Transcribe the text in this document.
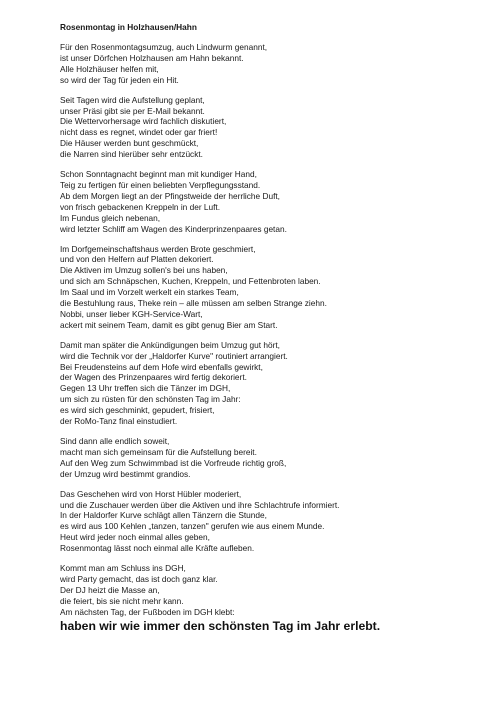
Rosenmontag in Holzhausen/Hahn
Für den Rosenmontagsumzug, auch Lindwurm genannt,
ist unser Dörfchen Holzhausen am Hahn bekannt.
Alle Holzhäuser helfen mit,
so wird der Tag für jeden ein Hit.
Seit Tagen wird die Aufstellung geplant,
unser Präsi gibt sie per E-Mail bekannt.
Die Wettervorhersage wird fachlich diskutiert,
nicht dass es regnet, windet oder gar friert!
Die Häuser werden bunt geschmückt,
die Narren sind hierüber sehr entzückt.
Schon Sonntagnacht beginnt man mit kundiger Hand,
Teig zu fertigen für einen beliebten Verpflegungsstand.
Ab dem Morgen liegt an der Pfingstweide der herrliche Duft,
von frisch gebackenen Kreppeln in der Luft.
Im Fundus gleich nebenan,
wird letzter Schliff am Wagen des Kinderprinzenpaares getan.
Im Dorfgemeinschaftshaus werden Brote geschmiert,
und von den Helfern auf Platten dekoriert.
Die Aktiven im Umzug sollen's bei uns haben,
und sich am Schnäpschen, Kuchen, Kreppeln, und Fettenbroten laben.
Im Saal und im Vorzelt werkelt ein starkes Team,
die Bestuhlung raus, Theke rein – alle müssen am selben Strange ziehn.
Nobbi, unser lieber KGH-Service-Wart,
ackert mit seinem Team, damit es gibt genug Bier am Start.
Damit man später die Ankündigungen beim Umzug gut hört,
wird die Technik vor der „Haldorfer Kurve" routiniert arrangiert.
Bei Freudensteins auf dem Hofe wird ebenfalls gewirkt,
der Wagen des Prinzenpaares wird fertig dekoriert.
Gegen 13 Uhr treffen sich die Tänzer im DGH,
um sich zu rüsten für den schönsten Tag im Jahr:
es wird sich geschminkt, gepudert, frisiert,
der RoMo-Tanz final einstudiert.
Sind dann alle endlich soweit,
macht man sich gemeinsam für die Aufstellung bereit.
Auf den Weg zum Schwimmbad ist die Vorfreude richtig groß,
der Umzug wird bestimmt grandios.
Das Geschehen wird von Horst Hübler moderiert,
und die Zuschauer werden über die Aktiven und ihre Schlachtrufe informiert.
In der Haldorfer Kurve schlägt allen Tänzern die Stunde,
es wird aus 100 Kehlen „tanzen, tanzen" gerufen wie aus einem Munde.
Heut wird jeder noch einmal alles geben,
Rosenmontag lässt noch einmal alle Kräfte aufleben.
Kommt man am Schluss ins DGH,
wird Party gemacht, das ist doch ganz klar.
Der DJ heizt die Masse an,
die feiert, bis sie nicht mehr kann.
Am nächsten Tag, der Fußboden im DGH klebt:
haben wir wie immer den schönsten Tag im Jahr erlebt.
